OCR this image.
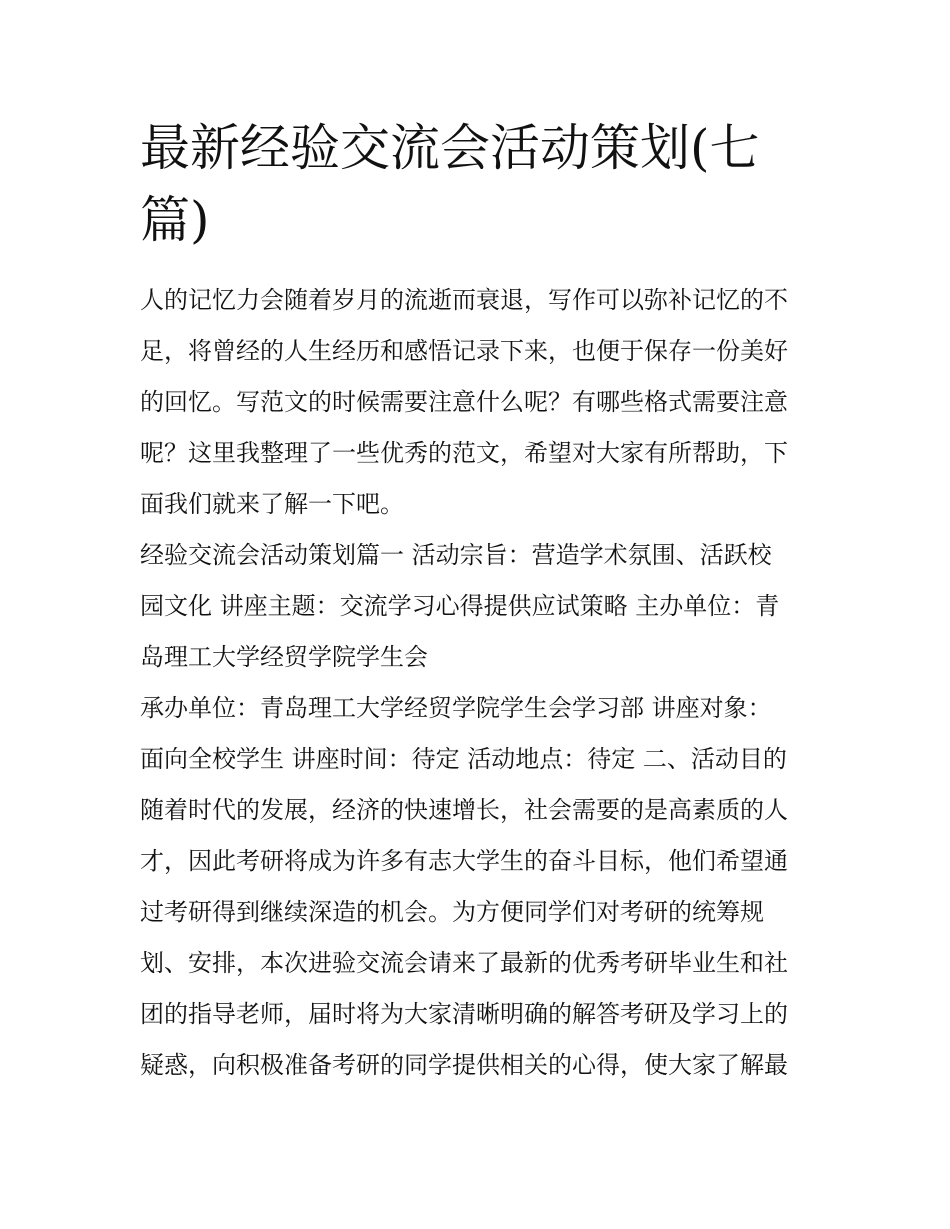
最新经验交流会活动策划(七
篇)
人的记忆力会随着岁月的流逝而衰退，写作可以弥补记忆的不
足，将曾经的人生经历和感悟记录下来，也便于保存一份美好
的回忆。写范文的时候需要注意什么呢？有哪些格式需要注意
呢？这里我整理了一些优秀的范文，希望对大家有所帮助，下
面我们就来了解一下吧。
经验交流会活动策划篇一 活动宗旨：营造学术氛围、活跃校
园文化 讲座主题：交流学习心得提供应试策略 主办单位：青
岛理工大学经贸学院学生会
承办单位：青岛理工大学经贸学院学生会学习部 讲座对象：
面向全校学生 讲座时间：待定 活动地点：待定 二、活动目的
随着时代的发展，经济的快速增长，社会需要的是高素质的人
才，因此考研将成为许多有志大学生的奋斗目标，他们希望通
过考研得到继续深造的机会。为方便同学们对考研的统筹规
划、安排，本次进验交流会请来了最新的优秀考研毕业生和社
团的指导老师，届时将为大家清晰明确的解答考研及学习上的
疑惑，向积极准备考研的同学提供相关的心得，使大家了解最
